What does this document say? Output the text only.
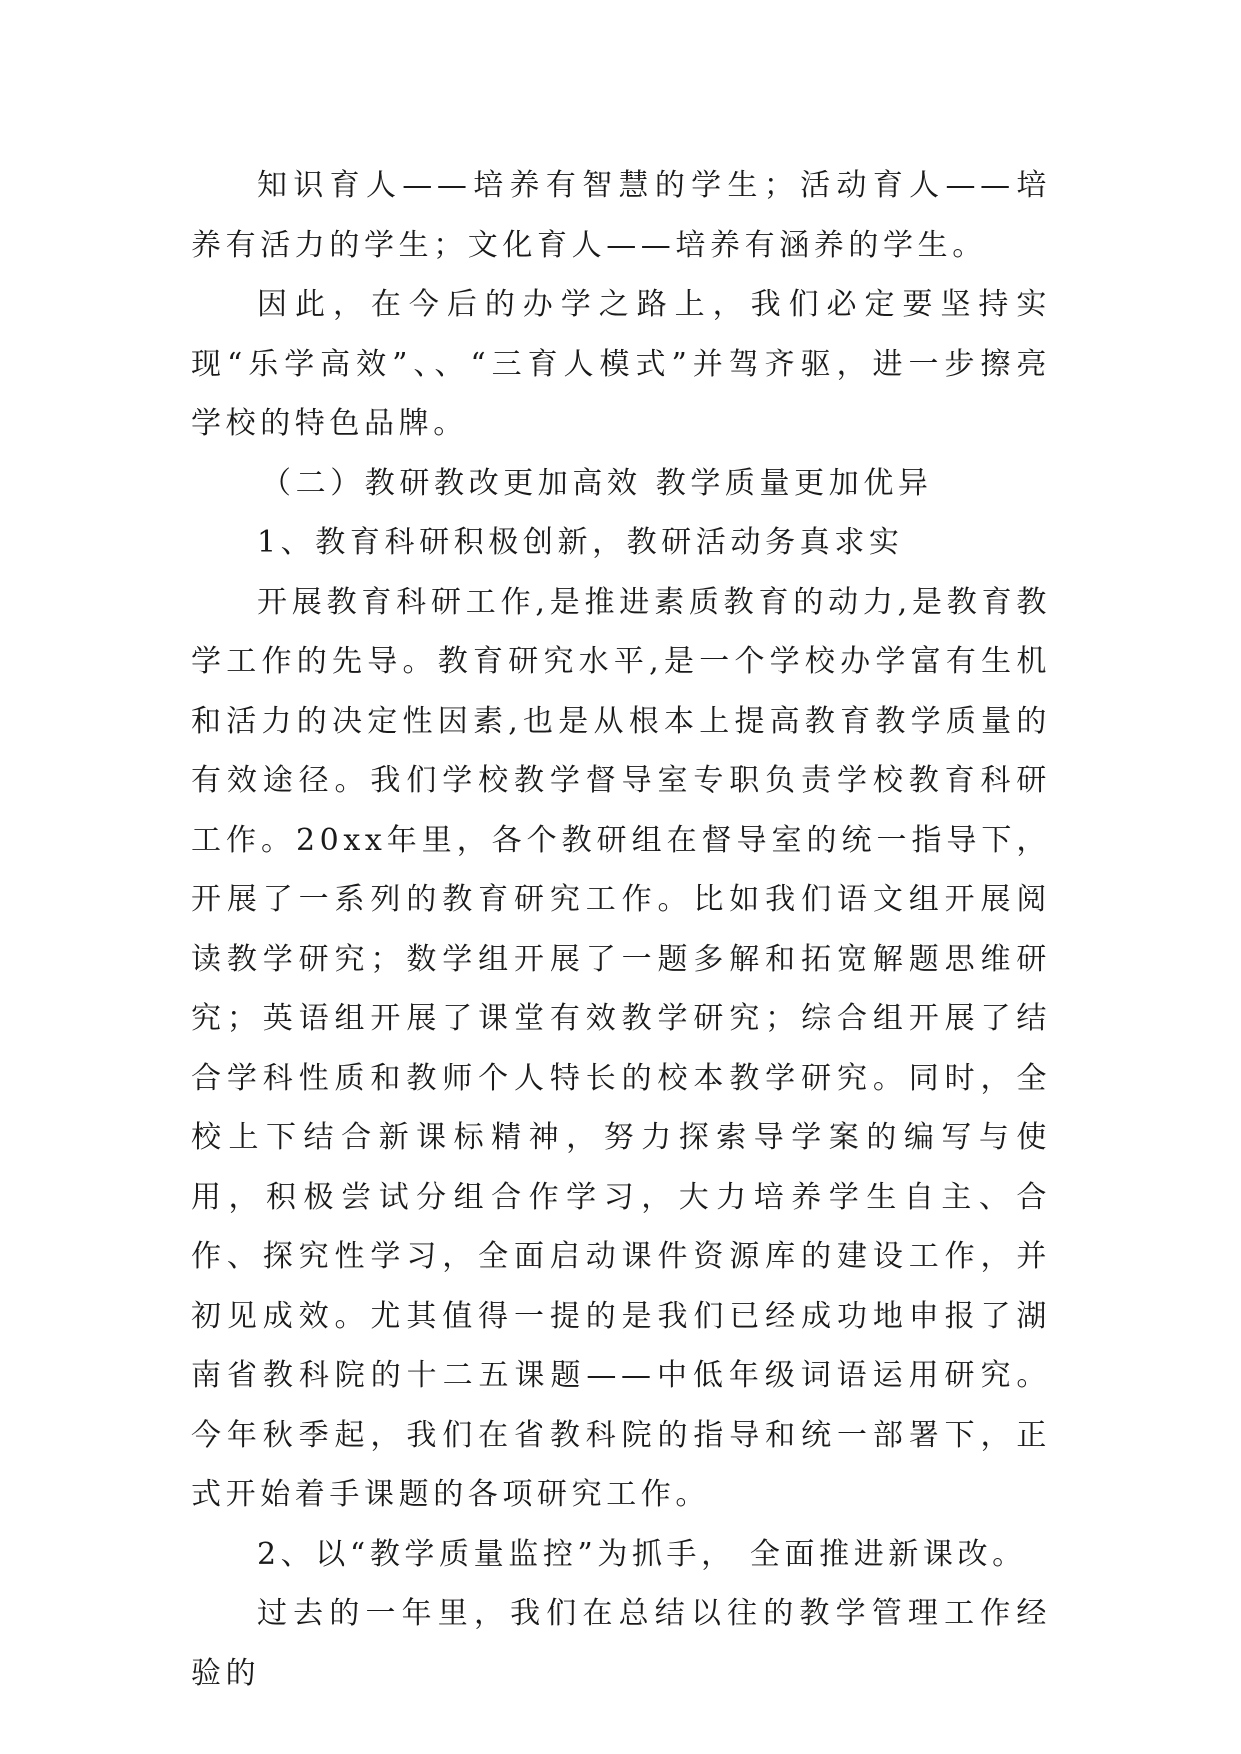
知识育人——培养有智慧的学生；活动育人——培养有活力的学生；文化育人——培养有涵养的学生。

因此，在今后的办学之路上，我们必定要坚持实现“乐学高效”、、“三育人模式”并驾齐驱，进一步擦亮学校的特色品牌。

（二）教研教改更加高效 教学质量更加优异

1、教育科研积极创新，教研活动务真求实

开展教育科研工作,是推进素质教育的动力,是教育教学工作的先导。教育研究水平,是一个学校办学富有生机和活力的决定性因素,也是从根本上提高教育教学质量的有效途径。我们学校教学督导室专职负责学校教育科研工作。20xx年里，各个教研组在督导室的统一指导下，开展了一系列的教育研究工作。比如我们语文组开展阅读教学研究；数学组开展了一题多解和拓宽解题思维研究；英语组开展了课堂有效教学研究；综合组开展了结合学科性质和教师个人特长的校本教学研究。同时，全校上下结合新课标精神，努力探索导学案的编写与使用，积极尝试分组合作学习，大力培养学生自主、合作、探究性学习，全面启动课件资源库的建设工作，并初见成效。尤其值得一提的是我们已经成功地申报了湖南省教科院的十二五课题——中低年级词语运用研究。今年秋季起，我们在省教科院的指导和统一部署下，正式开始着手课题的各项研究工作。

2、以“教学质量监控”为抓手， 全面推进新课改。

过去的一年里，我们在总结以往的教学管理工作经验的
